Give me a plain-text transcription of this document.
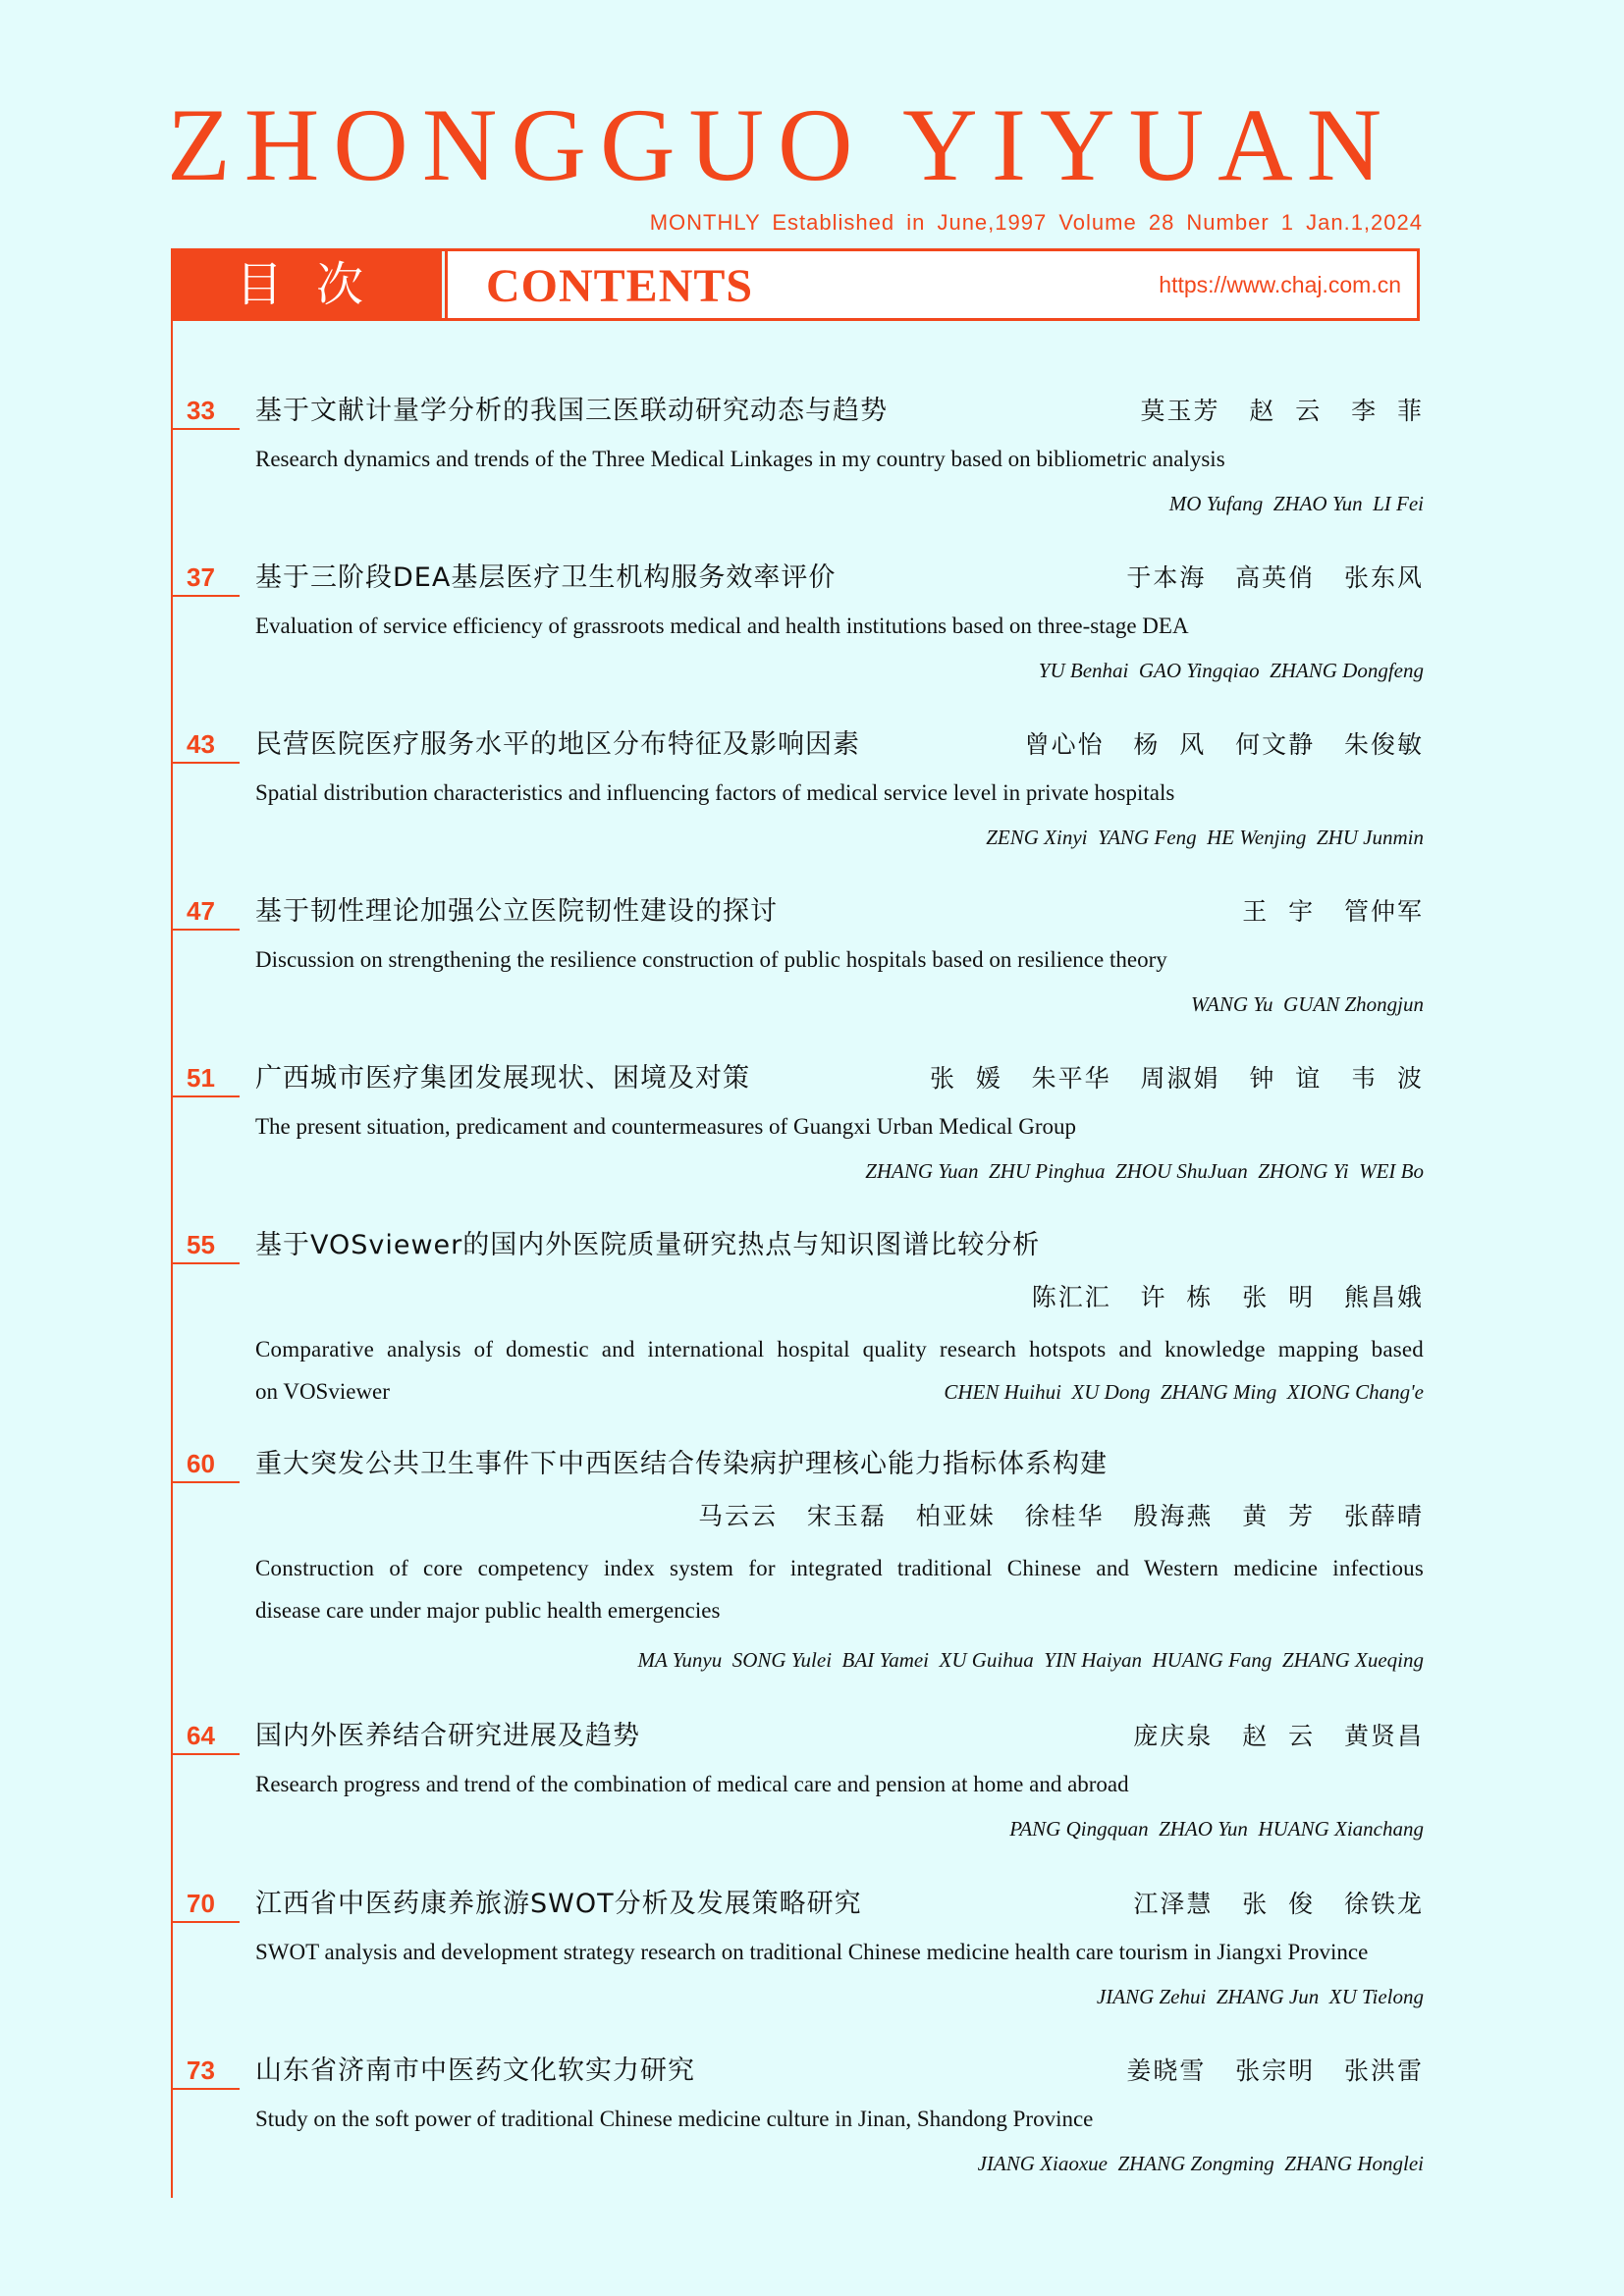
ZHONGGUO YIYUAN
MONTHLY Established in June,1997 Volume 28 Number 1 Jan.1,2024
目次	CONTENTS	https://www.chaj.com.cn
33	基于文献计量学分析的我国三医联动研究动态与趋势	莫玉芳   赵  云   李  菲
Research dynamics and trends of the Three Medical Linkages in my country based on bibliometric analysis
MO Yufang  ZHAO Yun  LI Fei
37	基于三阶段DEA基层医疗卫生机构服务效率评价	于本海   高英俏   张东风
Evaluation of service efficiency of grassroots medical and health institutions based on three-stage DEA
YU Benhai  GAO Yingqiao  ZHANG Dongfeng
43	民营医院医疗服务水平的地区分布特征及影响因素	曾心怡   杨  风   何文静   朱俊敏
Spatial distribution characteristics and influencing factors of medical service level in private hospitals
ZENG Xinyi  YANG Feng  HE Wenjing  ZHU Junmin
47	基于韧性理论加强公立医院韧性建设的探讨	王  宇   管仲军
Discussion on strengthening the resilience construction of public hospitals based on resilience theory
WANG Yu  GUAN Zhongjun
51	广西城市医疗集团发展现状、困境及对策	张  媛   朱平华   周淑娟   钟  谊   韦  波
The present situation, predicament and countermeasures of Guangxi Urban Medical Group
ZHANG Yuan  ZHU Pinghua  ZHOU ShuJuan  ZHONG Yi  WEI Bo
55	基于VOSviewer的国内外医院质量研究热点与知识图谱比较分析
陈汇汇   许  栋   张  明   熊昌娥
Comparative analysis of domestic and international hospital quality research hotspots and knowledge mapping based
on VOSviewer	CHEN Huihui  XU Dong  ZHANG Ming  XIONG Chang'e
60	重大突发公共卫生事件下中西医结合传染病护理核心能力指标体系构建
马云云   宋玉磊   柏亚妹   徐桂华   殷海燕   黄  芳   张薛晴
Construction of core competency index system for integrated traditional Chinese and Western medicine infectious
disease care under major public health emergencies
MA Yunyu  SONG Yulei  BAI Yamei  XU Guihua  YIN Haiyan  HUANG Fang  ZHANG Xueqing
64	国内外医养结合研究进展及趋势	庞庆泉   赵  云   黄贤昌
Research progress and trend of the combination of medical care and pension at home and abroad
PANG Qingquan  ZHAO Yun  HUANG Xianchang
70	江西省中医药康养旅游SWOT分析及发展策略研究	江泽慧   张  俊   徐铁龙
SWOT analysis and development strategy research on traditional Chinese medicine health care tourism in Jiangxi Province
JIANG Zehui  ZHANG Jun  XU Tielong
73	山东省济南市中医药文化软实力研究	姜晓雪   张宗明   张洪雷
Study on the soft power of traditional Chinese medicine culture in Jinan, Shandong Province
JIANG Xiaoxue  ZHANG Zongming  ZHANG Honglei
